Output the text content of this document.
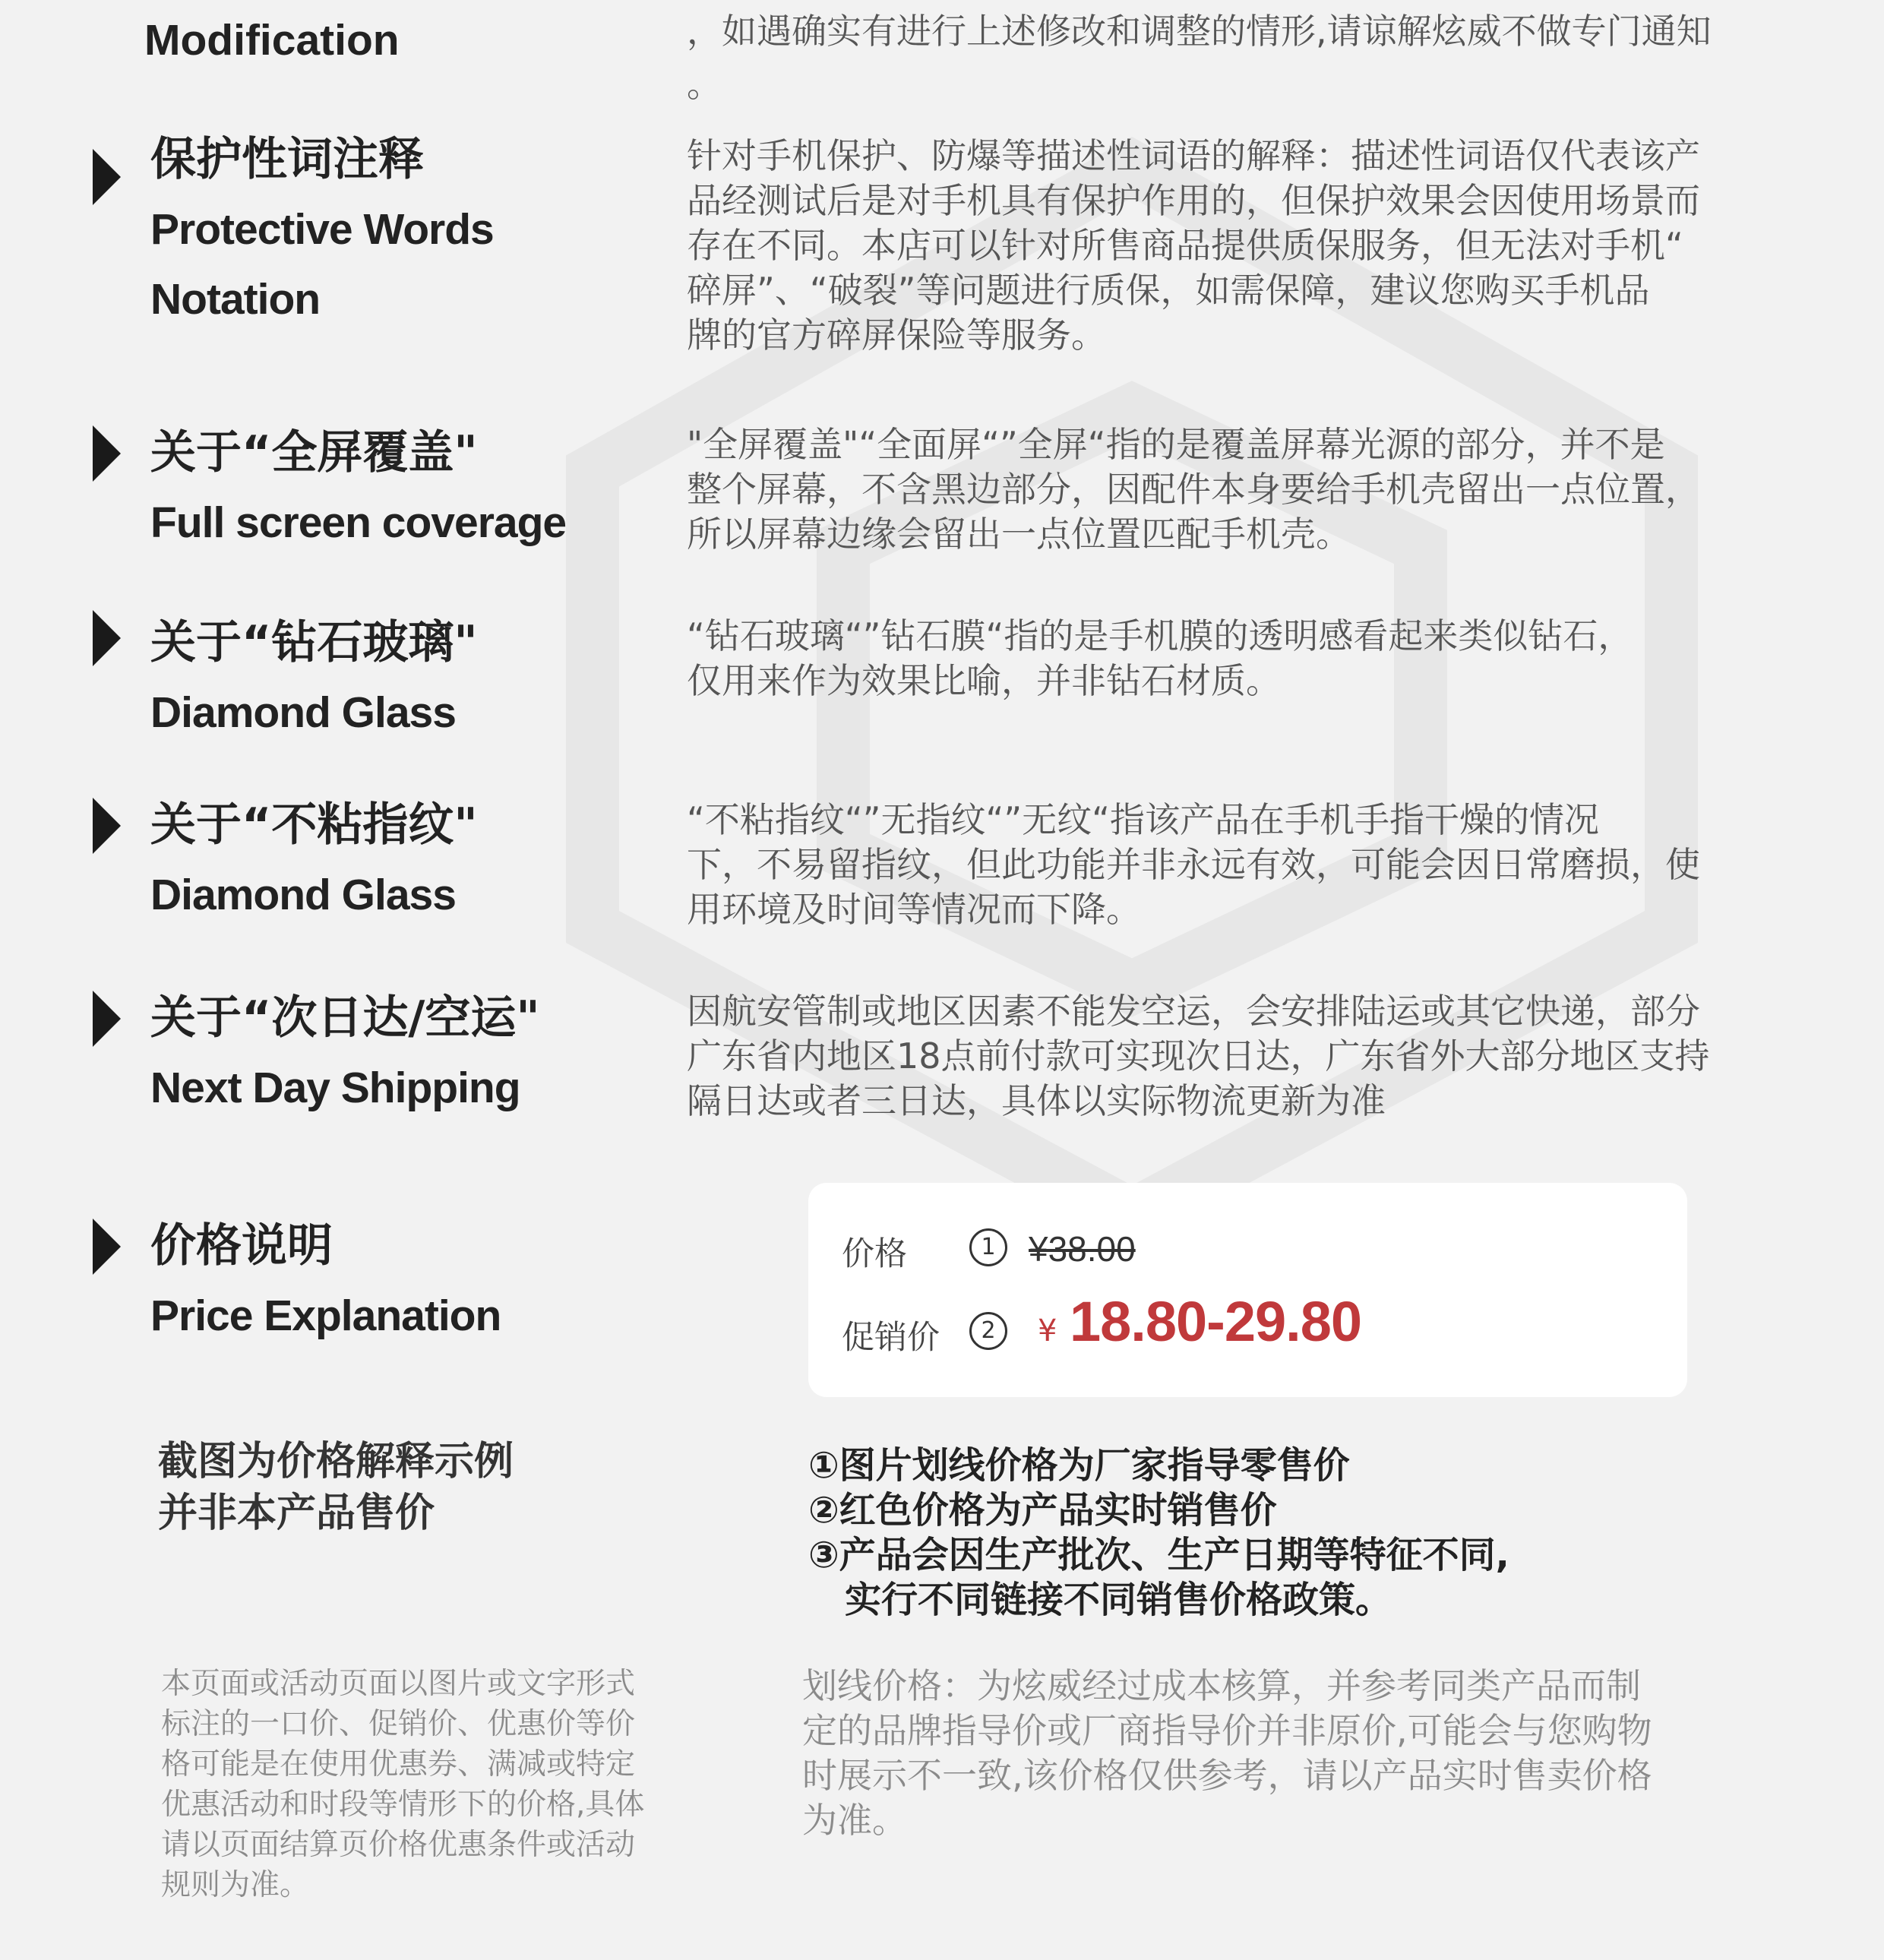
Modification	，如遇确实有进行上述修改和调整的情形,请谅解炫威不做专门通知
。
保护性词注释
Protective Words
Notation
针对手机保护、防爆等描述性词语的解释：描述性词语仅代表该产
品经测试后是对手机具有保护作用的，但保护效果会因使用场景而
存在不同。本店可以针对所售商品提供质保服务，但无法对手机“
碎屏”、“破裂”等问题进行质保，如需保障，建议您购买手机品
牌的官方碎屏保险等服务。
关于“全屏覆盖"
Full screen coverage
"全屏覆盖"“全面屏“”全屏“指的是覆盖屏幕光源的部分，并不是
整个屏幕，不含黑边部分，因配件本身要给手机壳留出一点位置，
所以屏幕边缘会留出一点位置匹配手机壳。
关于“钻石玻璃"
Diamond Glass
“钻石玻璃“”钻石膜“指的是手机膜的透明感看起来类似钻石，
仅用来作为效果比喻，并非钻石材质。
关于“不粘指纹"
Diamond Glass
“不粘指纹“”无指纹“”无纹“指该产品在手机手指干燥的情况
下，不易留指纹，但此功能并非永远有效，可能会因日常磨损，使
用环境及时间等情况而下降。
关于“次日达/空运"
Next Day Shipping
因航安管制或地区因素不能发空运，会安排陆运或其它快递，部分
广东省内地区18点前付款可实现次日达，广东省外大部分地区支持
隔日达或者三日达，具体以实际物流更新为准
价格说明
Price Explanation
价格	1 ¥38.00
促销价	2	¥ 18.80-29.80
截图为价格解释示例
并非本产品售价
①图片划线价格为厂家指导零售价
②红色价格为产品实时销售价
③产品会因生产批次、生产日期等特征不同,
　实行不同链接不同销售价格政策。
本页面或活动页面以图片或文字形式标注的一口价、促销价、优惠价等价格可能是在使用优惠券、满减或特定优惠活动和时段等情形下的价格,具体请以页面结算页价格优惠条件或活动规则为准。
划线价格：为炫威经过成本核算，并参考同类产品而制定的品牌指导价或厂商指导价并非原价,可能会与您购物时展示不一致,该价格仅供参考，请以产品实时售卖价格为准。
